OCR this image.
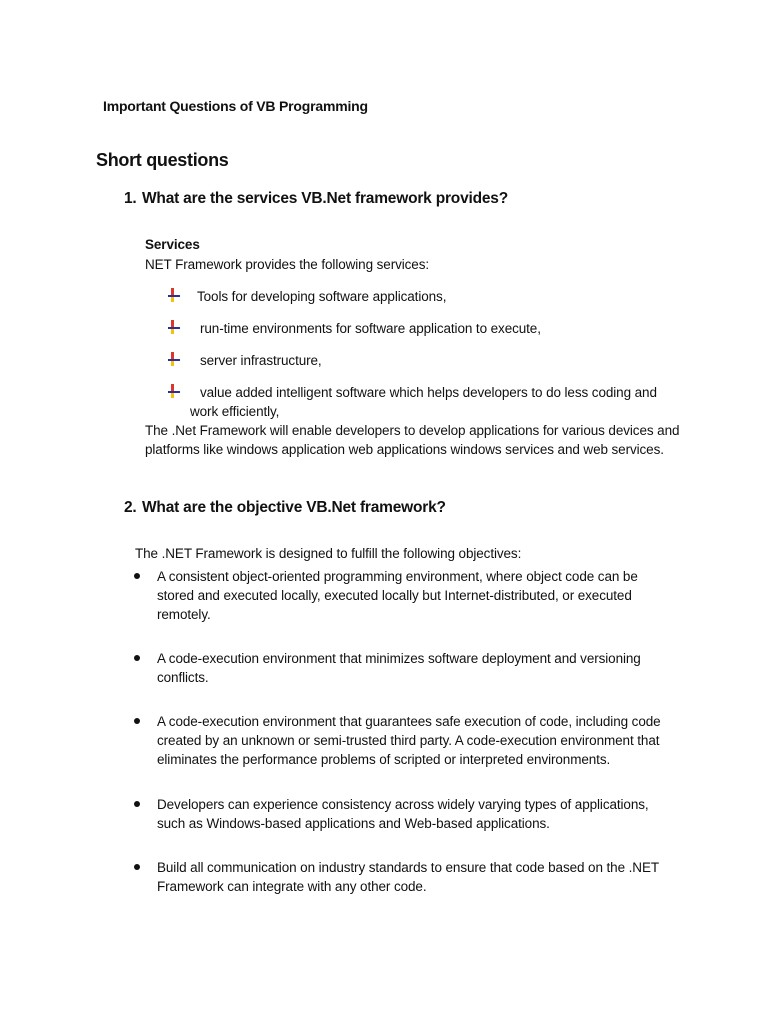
Important Questions of VB Programming
Short questions
1. What are the services VB.Net framework provides?
Services
NET Framework provides the following services:
Tools for developing software applications,
run-time environments for software application to execute,
server infrastructure,
value added intelligent software which helps developers to do less coding and work efficiently,
The .Net Framework will enable developers to develop applications for various devices and platforms like windows application web applications windows services and web services.
2. What are the objective VB.Net framework?
The .NET Framework is designed to fulfill the following objectives:
A consistent object-oriented programming environment, where object code can be stored and executed locally, executed locally but Internet-distributed, or executed remotely.
A code-execution environment that minimizes software deployment and versioning conflicts.
A code-execution environment that guarantees safe execution of code, including code created by an unknown or semi-trusted third party. A code-execution environment that eliminates the performance problems of scripted or interpreted environments.
Developers can experience consistency across widely varying types of applications, such as Windows-based applications and Web-based applications.
Build all communication on industry standards to ensure that code based on the .NET Framework can integrate with any other code.
